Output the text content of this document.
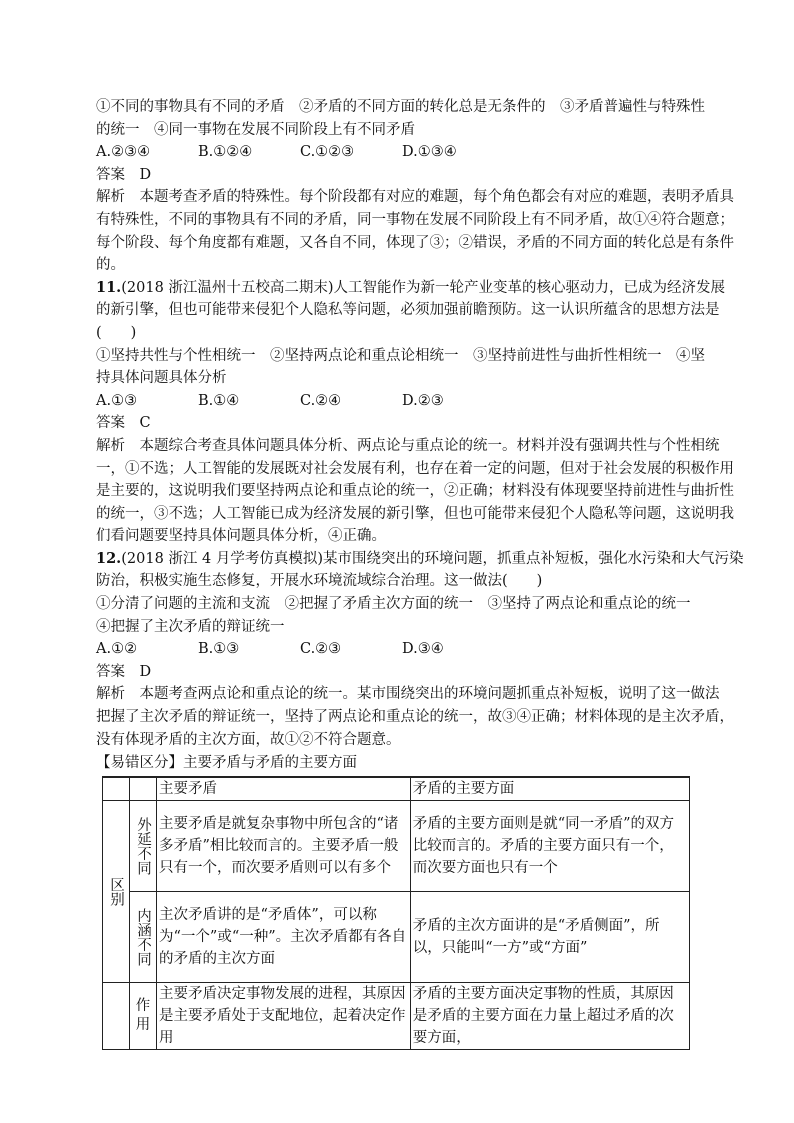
①不同的事物具有不同的矛盾　②矛盾的不同方面的转化总是无条件的　③矛盾普遍性与特殊性
的统一　④同一事物在发展不同阶段上有不同矛盾
A.②③④	B.①②④	C.①②③	D.①③④
答案　D
解析　本题考查矛盾的特殊性。每个阶段都有对应的难题，每个角色都会有对应的难题，表明矛盾具
有特殊性，不同的事物具有不同的矛盾，同一事物在发展不同阶段上有不同矛盾，故①④符合题意；
每个阶段、每个角度都有难题，又各自不同，体现了③；②错误，矛盾的不同方面的转化总是有条件
的。
11.(2018 浙江温州十五校高二期末)人工智能作为新一轮产业变革的核心驱动力，已成为经济发展
的新引擎，但也可能带来侵犯个人隐私等问题，必须加强前瞻预防。这一认识所蕴含的思想方法是
(　　)
①坚持共性与个性相统一　②坚持两点论和重点论相统一　③坚持前进性与曲折性相统一　④坚
持具体问题具体分析
A.①③	B.①④	C.②④	D.②③
答案　C
解析　本题综合考查具体问题具体分析、两点论与重点论的统一。材料并没有强调共性与个性相统
一，①不选；人工智能的发展既对社会发展有利，也存在着一定的问题，但对于社会发展的积极作用
是主要的，这说明我们要坚持两点论和重点论的统一，②正确；材料没有体现要坚持前进性与曲折性
的统一，③不选；人工智能已成为经济发展的新引擎，但也可能带来侵犯个人隐私等问题，这说明我
们看问题要坚持具体问题具体分析，④正确。
12.(2018 浙江 4 月学考仿真模拟)某市围绕突出的环境问题，抓重点补短板，强化水污染和大气污染
防治，积极实施生态修复，开展水环境流域综合治理。这一做法(　　)
①分清了问题的主流和支流　②把握了矛盾主次方面的统一　③坚持了两点论和重点论的统一
④把握了主次矛盾的辩证统一
A.①②	B.①③	C.②③	D.③④
答案　D
解析　本题考查两点论和重点论的统一。某市围绕突出的环境问题抓重点补短板，说明了这一做法
把握了主次矛盾的辩证统一，坚持了两点论和重点论的统一，故③④正确；材料体现的是主次矛盾，
没有体现矛盾的主次方面，故①②不符合题意。
【易错区分】主要矛盾与矛盾的主要方面
		主要矛盾	矛盾的主要方面
区别	外延不同	主要矛盾是就复杂事物中所包含的“诸多矛盾”相比较而言的。主要矛盾一般只有一个，而次要矛盾则可以有多个	矛盾的主要方面则是就“同一矛盾”的双方比较而言的。矛盾的主要方面只有一个，而次要方面也只有一个
	内涵不同	主次矛盾讲的是“矛盾体”，可以称为“一个”或“一种”。主次矛盾都有各自的矛盾的主次方面	矛盾的主次方面讲的是“矛盾侧面”，所以，只能叫“一方”或“方面”
	作用	主要矛盾决定事物发展的进程，其原因是主要矛盾处于支配地位，起着决定作用	矛盾的主要方面决定事物的性质，其原因是矛盾的主要方面在力量上超过矛盾的次要方面，
